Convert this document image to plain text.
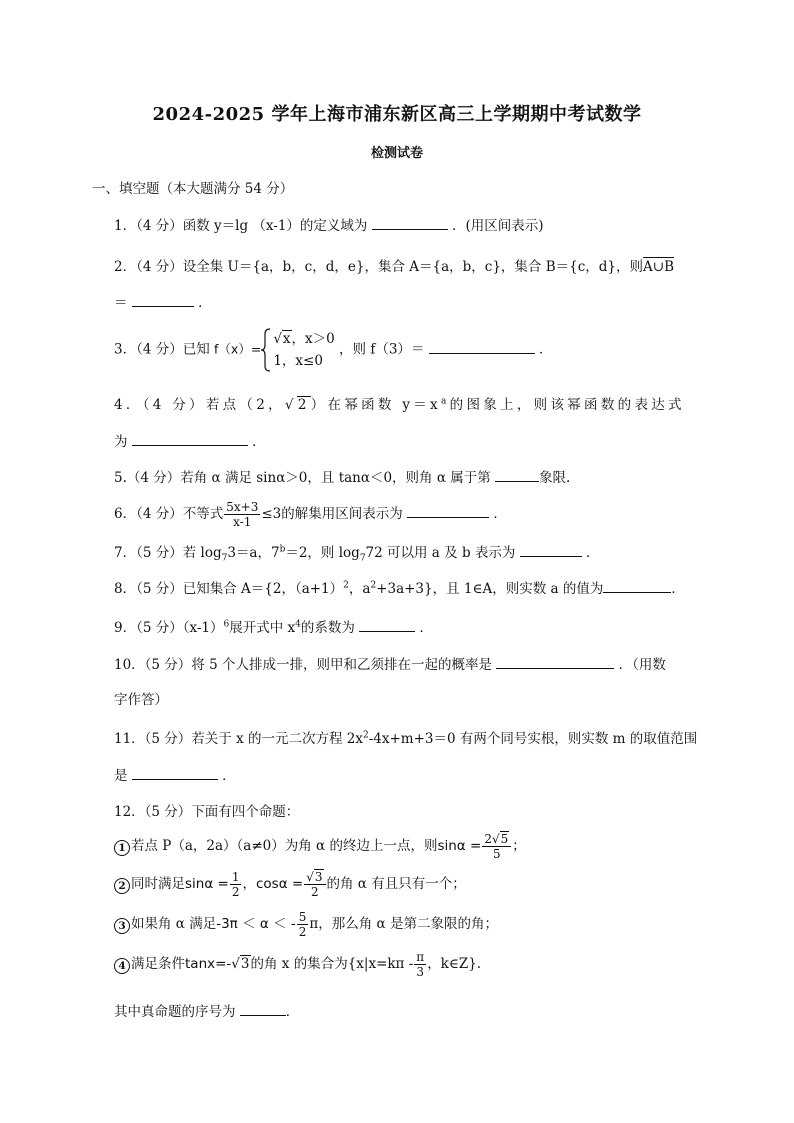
2024-2025 学年上海市浦东新区高三上学期期中考试数学
检测试卷
一、填空题（本大题满分 54 分）
1．（4 分）函数 y＝lg （x-1）的定义域为	．(用区间表示)
2．（4 分）设全集 U＝{a，b，c，d，e}，集合 A＝{a，b，c}，集合 B＝{c，d}，则A∪B
＝	．
3．（4 分）已知 f（x）=
√x，x＞0
1，x≤0
，则 f（3）＝	．
4．（4 分）若点（2，√2）在幂函数 $y=x^a$的图象上，则该幂函数的表达式
为	．
5.（4 分）若角 α 满足 sinα＞0，且 tanα＜0，则角 α 属于第	象限.
6．（4 分）不等式 $\frac{5x+3}{x-1} \le 3$的解集用区间表示为	．
7．（5 分）若 $\log_73=a$，$7^b=2$，则 $\log_772$ 可以用 a 及 b 表示为	．
8．（5 分）已知集合 A＝{2，$(a+1)^2$，$a^2+3a+3$}，且 1∈A，则实数 a 的值为	．
9．（5 分）$(x-1)^6$展开式中 $x^4$的系数为	．
10．（5 分）将 5 个人排成一排，则甲和乙须排在一起的概率是	．（用数
字作答）
11．（5 分）若关于 x 的一元二次方程 $2x^2-4x+m+3=0$ 有两个同号实根，则实数 m 的取值范围
是	．
12．（5 分）下面有四个命题：
1 若点 P（a，2a）（a≠0）为角 α 的终边上一点，则$\sin\alpha = \frac{2√5}{5}$ ；
2 同时满足$\sin\alpha = \frac{1}{2}$ ，$\cos\alpha = \frac{√3}{2}$ 的角 α 有且只有一个；
3 如果角 α 满足-3π ＜ α ＜ - $\frac{5}{2}$ π，那么角 α 是第二象限的角；
4 满足条件tanx=-√3的角 x 的集合为{$x|x=k\pi - \frac{\pi}{3}$ ，k∈Z}．
其中真命题的序号为	．
